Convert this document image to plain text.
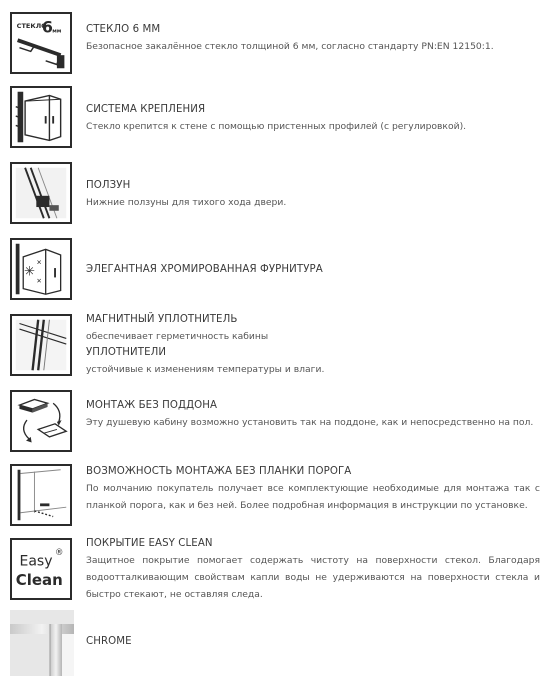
СТЕКЛО
6 мм СТЕКЛО 6 ММ
Безопасное закалённое стекло толщиной 6 мм, согласно стандарту PN:EN 12150:1.
СИСТЕМА КРЕПЛЕНИЯ
Стекло крепится к стене с помощью пристенных профилей (с регулировкой).
ПОЛЗУН
Нижние ползуны для тихого хода двери.
✳
✕
✕
ЭЛЕГАНТНАЯ ХРОМИРОВАННАЯ ФУРНИТУРА
МАГНИТНЫЙ УПЛОТНИТЕЛЬ
обеспечивает герметичность кабины
УПЛОТНИТЕЛИ
устойчивые к изменениям температуры и влаги.
МОНТАЖ БЕЗ ПОДДОНА
Эту душевую кабину возможно установить так на поддоне, как и непосредственно на пол.
ВОЗМОЖНОСТЬ МОНТАЖА БЕЗ ПЛАНКИ ПОРОГА
По молчанию покупатель получает все комплектующие необходимые для монтажа так с планкой порога, как и без ней. Более подробная информация в инструкции по установке.
Easy
®
Clean
ПОКРЫТИЕ EASY CLEAN
Защитное покрытие помогает содержать чистоту на поверхности стекол. Благодаря водоотталкивающим свойствам капли воды не удерживаются на поверхности стекла и быстро стекают, не оставляя следа.
CHROME
